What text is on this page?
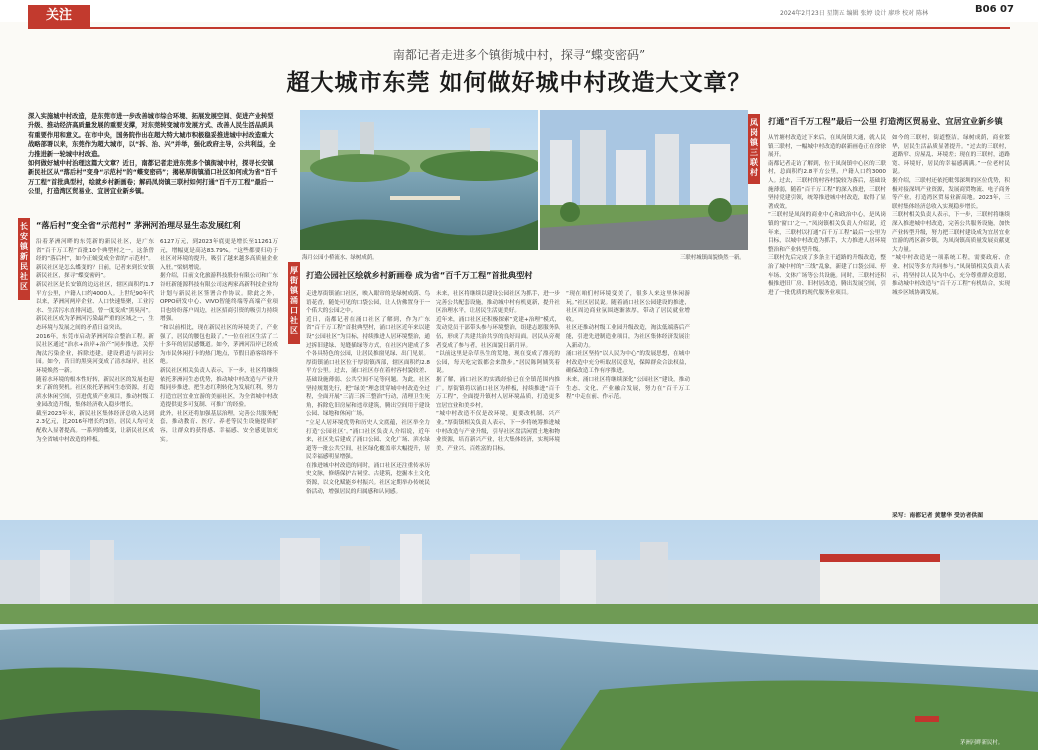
关注	2024年2月23日 星期五 编辑 张婷 设计 廖珍 校对 陈林	B06 07
南都记者走进多个镇街城中村，探寻“蝶变密码”
超大城市东莞 如何做好城中村改造大文章？
深入实施城中村改造，是东莞市进一步改善城市综合环境、拓展发展空间、促进产业转型升级、推动经济高质量发展的重要支撑，对东莞转变城市发展方式、改善人民生活品质具有重要作用和意义。在市中央，国务院作出在超大特大城市积极稳妥推进城中村改造重大战略部署以来，东莞作为超大城市，以“拆、治、兴”并举，强化政府主导，公共利益，全力推进新一轮城中村改造。
如何做好城中村治理这篇大文章？近日，南都记者走进东莞多个镇街城中村，探寻长安镇新民社区从“落后村”变身“示范村”的“蝶变密码”；揭秘厚街镇涌口社区如何成为省“百千万工程”首批典型村，绘就乡村新画卷；解码凤岗镇三联村如何打通“百千万工程”最后一公里，打造湾区贸易业、宜居宜业新乡镇。
海月公园小桥流水、绿树成荫。	三联村城镇面貌焕然一新。
长安镇新民社区
“落后村”变全省“示范村” 茅洲河治理尽显生态发展红利
沿着茅洲河畔的东莞新的新民社区，是广东省“百千万工程”首批10个典型村之一。这条曾经的“落后村”，如今正蜕变成全省的“示范村”。新民社区是怎么蝶变的？日前，记者来到长安镇新民社区，探寻“蝶变密码”。
新民社区是长安镇的边远社区，辖区面积约1.7平方公里，户籍人口约4000人。上世纪90年代以来，茅洲河两岸企业、人口快速集聚，工业污水、生活污水直排河道，曾一度变成“黑臭河”。新民社区成为茅洲河污染最严重的区域之一，生态环境与发展之间的矛盾日益突出。
2016年，东莞市启动茅洲河综合整治工程。新民社区通过“治水+治岸+治产”同步推进，关停淘汰污染企业，拆除违建，建设碧道与滨河公园。如今，昔日的黑臭河变成了清水绿岸，社区环境焕然一新。
随着水环境的根本性好转，新民社区的发展也迎来了新的契机。社区依托茅洲河生态资源，打造滨水休闲空间，引进优质产业项目，推动村级工业园改造升级，集体经济收入稳步增长。
截至2023年末，新民社区集体经济总收入达到2.3亿元，比2016年增长约3倍，居民人均可支配收入显著提高。一系列的蝶变，让新民社区成为全省城中村改造的样板。
6127万元，到2023年底更是增长至11261万元，增幅更是高达83.79%。“这些都要归功于社区对环境的提升，吸引了越来越多高质量企业入驻。”梁炳增说。
据介绍，目前文化旅游科技股份有限公司和广东谷旺新能源科技有限公司这两家高新科技企业均计划与新民社区签署合作协议。除此之外，OPPO研发中心、VIVO智能终端等高端产业项目也纷纷落户周边，社区招商引资的吸引力持续增强。
“和以前相比，现在新民社区的环境美了，产业强了，居民的腰包也鼓了。”一位在社区生活了二十多年的居民感慨道。如今，茅洲河沿岸已经成为市民休闲打卡的热门地点，节假日游客络绎不绝。
新民社区相关负责人表示，下一步，社区将继续依托茅洲河生态优势，推动城中村改造与产业升级同步推进，把生态红利转化为发展红利，努力打造宜居宜业宜游的美丽社区，为全省城中村改造提供更多可复制、可推广的经验。
此外，社区还将加强基层治理，完善公共服务配套，推动教育、医疗、养老等民生设施提质扩容，让群众的获得感、幸福感、安全感更加充实。
厚街镇涌口社区
打造公园社区绘就乡村新画卷 成为省“百千万工程”首批典型村
走进厚街镇涌口社区，映入眼帘的是绿树成荫、鸟语花香，随处可见的口袋公园，让人仿佛置身于一个偌大的公园之中。
近日，南都记者在涌口社区了解到，作为广东省“百千万工程”首批典型村，涌口社区近年来以建设“公园社区”为目标，持续推进人居环境整治，通过拆旧建绿、见缝插绿等方式，在社区内建成了多个各具特色的公园，让居民推窗见绿、出门见景。
厚街镇涌口社区位于厚街镇西部，辖区面积约2.8平方公里。过去，涌口社区存在着村容村貌较差、基础设施薄弱、公共空间不足等问题。为此，社区坚持规划先行，把“绿美”理念贯穿城中村改造全过程，全面开展“三清三拆三整治”行动，清理卫生死角，拆除危旧房屋和违章建筑，腾出空间用于建设公园、绿地和休闲广场。
“立足人居环境优势和历史人文底蕴，社区举全力打造‘公园社区’。”涌口社区负责人介绍说，近年来，社区先后建成了涌口公园、文化广场、滨水绿道等一批公共空间，社区绿化覆盖率大幅提升，居民幸福感明显增强。
在推进城中村改造的同时，涌口社区还注重传承历史文脉，修缮保护古祠堂、古建筑，挖掘本土文化资源，以文化赋能乡村振兴。社区定期举办传统民俗活动，增强居民的归属感和认同感。
未来，社区将继续以建设公园社区为抓手，进一步完善公共配套设施，推动城中村有机更新，提升社区治理水平，让居民生活更美好。
近年来，涌口社区还积极探索“党建+治理”模式，发动党员干部带头参与环境整治，组建志愿服务队伍，形成了共建共治共享的良好局面。居民从旁观者变成了参与者，社区面貌日新月异。
“以前这里是杂草丛生的荒地，现在变成了漂亮的公园，每天吃完饭都会来散步。”居民陈阿姨笑着说。
据了解，涌口社区的实践经验已在全镇范围内推广。厚街镇将以涌口社区为样板，持续推进“百千万工程”，全面提升镇村人居环境品质，打造更多宜居宜业和美乡村。
“城中村改造不仅是改环境，更要改机制、兴产业。”厚街镇相关负责人表示，下一步将统筹推进城中村改造与产业升级，引导社区盘活闲置土地和物业资源，培育新兴产业，壮大集体经济，实现环境美、产业兴、百姓富的目标。
“现在咱们村环境变美了，很多人来这里休闲游玩。”社区居民说。随着涌口社区公园建设的推进，社区周边商业氛围逐渐浓厚，带动了居民就业增收。
社区还推动村级工业园升级改造，淘汰低端落后产能，引进先进制造业项目，为社区集体经济发展注入新动力。
涌口社区坚持“以人民为中心”的发展思想，在城中村改造中充分听取居民意见，保障群众合法权益，确保改造工作有序推进。
未来，涌口社区将继续深化“公园社区”建设，推动生态、文化、产业融合发展，努力在“百千万工程”中走在前、作示范。
凤岗镇三联村
打通“百千万工程”最后一公里 打造湾区贸易业、宜居宜业新乡镇
从竹塘村改造过下来后，在凤岗镇大通，就人民镇三联村，一幅城中村改造的崭新画卷正在徐徐展开。
南都记者走访了解到，位于凤岗镇中心区的三联村，总面积约2.8平方公里，户籍人口约3000人。过去，三联村的村容村貌较为落后，基础设施薄弱，随着“百千万工程”的深入推进，三联村坚持党建引领，统筹推进城中村改造，取得了显著成效。
“三联村是凤岗的商业中心和政治中心，是凤岗镇的‘窗口’之一。”凤岗镇相关负责人介绍说，近年来，三联村以打通“百千万工程”最后一公里为目标，以城中村改造为抓手，大力推进人居环境整治和产业转型升级。
三联村先后完成了多条主干道路的升级改造，整治了城中村的“三线”乱象，新建了口袋公园、停车场、文体广场等公共设施。同时，三联村还积极推进旧厂房、旧村居改造，腾出发展空间，引进了一批优质的现代服务业项目。
如今的三联村，街道整洁，绿树成荫，商业繁华，居民生活品质显著提升。“过去的三联村，道路窄、房屋乱、环境差；现在的三联村，道路宽、环境好，居民的幸福感满满。”一位老村民说。
据介绍，三联村还依托毗邻深圳的区位优势，积极对接深圳产业资源，发展商贸物流、电子商务等产业，打造湾区贸易业新高地。2023年，三联村集体经济总收入实现稳步增长。
三联村相关负责人表示，下一步，三联村将继续深入推进城中村改造，完善公共服务设施，加快产业转型升级，努力把三联村建设成为宜居宜业宜游的湾区新乡镇，为凤岗镇高质量发展贡献更大力量。
“城中村改造是一项系统工程，需要政府、企业、村民等多方共同参与。”凤岗镇相关负责人表示，将坚持以人民为中心，充分尊重群众意愿，推动城中村改造与“百千万工程”有机结合，实现城乡区域协调发展。
采写：南都记者 黄慧华 受访者供图
茅洲河畔新民村。
